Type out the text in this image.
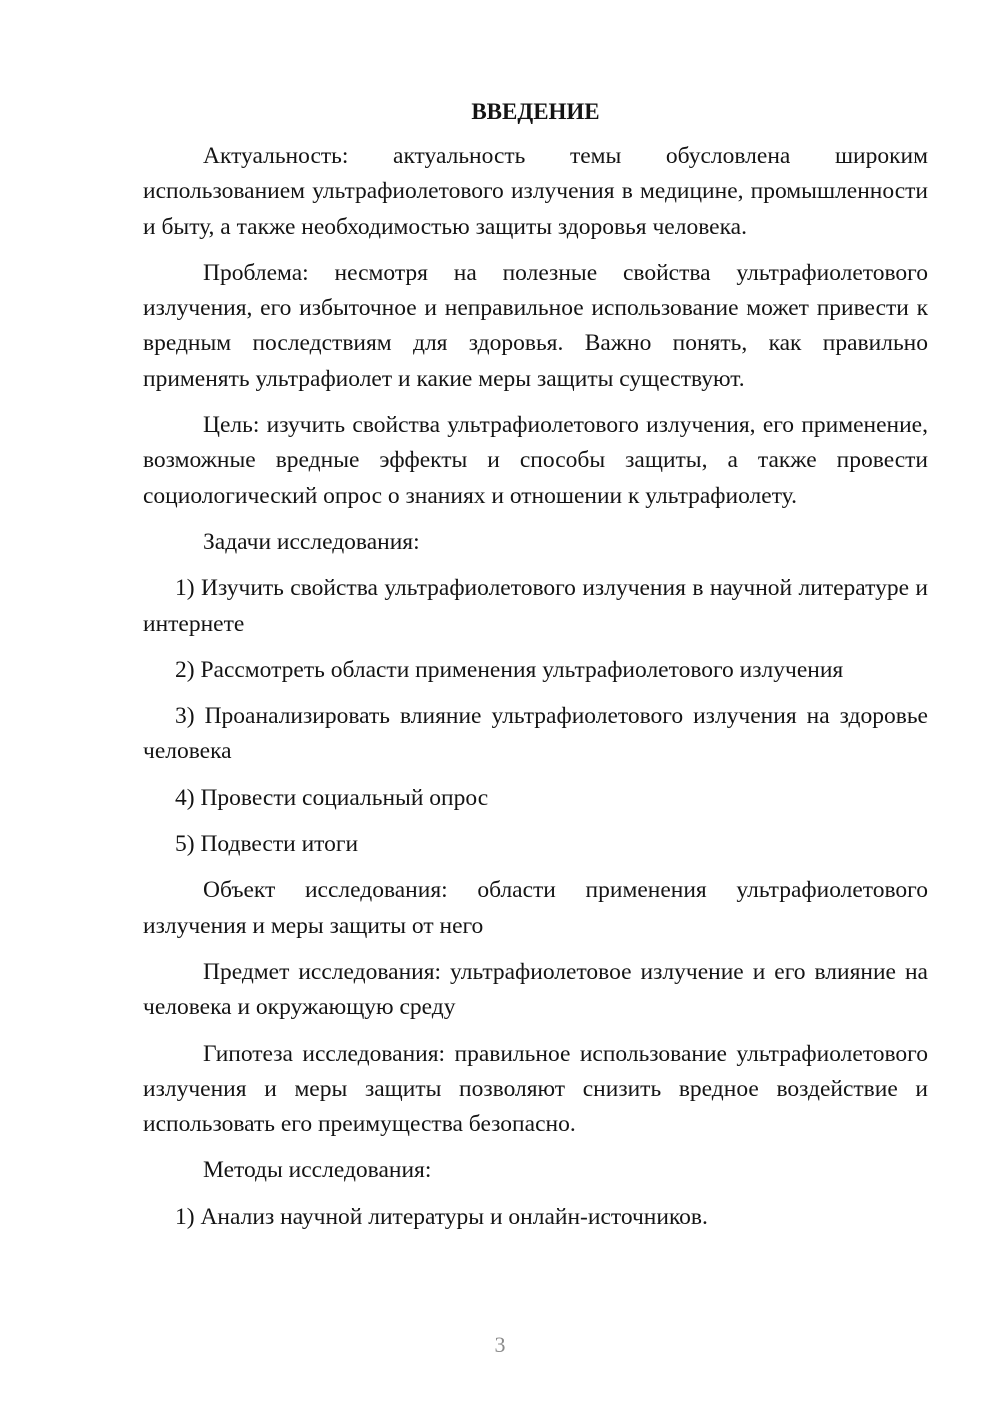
ВВЕДЕНИЕ

Актуальность: актуальность темы обусловлена широким использованием ультрафиолетового излучения в медицине, промышленности и быту, а также необходимостью защиты здоровья человека.

Проблема: несмотря на полезные свойства ультрафиолетового излучения, его избыточное и неправильное использование может привести к вредным последствиям для здоровья. Важно понять, как правильно применять ультрафиолет и какие меры защиты существуют.

Цель: изучить свойства ультрафиолетового излучения, его применение, возможные вредные эффекты и способы защиты, а также провести социологический опрос о знаниях и отношении к ультрафиолету.

Задачи исследования:

1) Изучить свойства ультрафиолетового излучения в научной литературе и интернете

2) Рассмотреть области применения ультрафиолетового излучения

3) Проанализировать влияние ультрафиолетового излучения на здоровье человека

4) Провести социальный опрос

5) Подвести итоги

Объект исследования: области применения ультрафиолетового излучения и меры защиты от него

Предмет исследования: ультрафиолетовое излучение и его влияние на человека и окружающую среду

Гипотеза исследования: правильное использование ультрафиолетового излучения и меры защиты позволяют снизить вредное воздействие и использовать его преимущества безопасно.

Методы исследования:

1) Анализ научной литературы и онлайн-источников.

3
